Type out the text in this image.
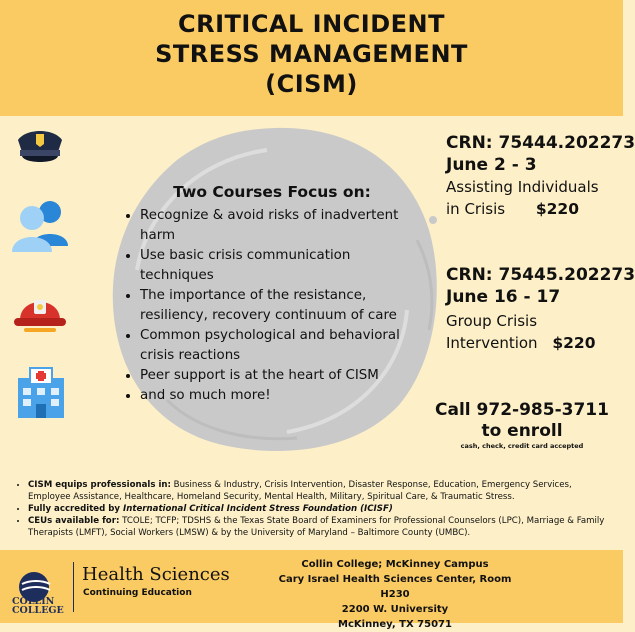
CRITICAL INCIDENT
STRESS MANAGEMENT
(CISM)
Two Courses Focus on:
• Recognize & avoid risks of inadvertent harm
• Use basic crisis communication techniques
• The importance of the resistance, resiliency, recovery continuum of care
• Common psychological and behavioral crisis reactions
• Peer support is at the heart of CISM
• and so much more!
CRN: 75444.202273
June 2 - 3
Assisting Individuals
in Crisis $220
CRN: 75445.202273
June 16 - 17
Group Crisis
Intervention $220
Call 972-985-3711
to enroll
cash, check, credit card accepted
• CISM equips professionals in: Business & Industry, Crisis Intervention, Disaster Response, Education, Emergency Services, Employee Assistance, Healthcare, Homeland Security, Mental Health, Military, Spiritual Care, & Traumatic Stress.
• Fully accredited by International Critical Incident Stress Foundation (ICISF)
• CEUs available for: TCOLE; TCFP; TDSHS & the Texas State Board of Examiners for Professional Counselors (LPC), Marriage & Family Therapists (LMFT), Social Workers (LMSW) & by the University of Maryland – Baltimore County (UMBC).
COLLIN
COLLEGE
Health Sciences
Continuing Education
Collin College; McKinney Campus
Cary Israel Health Sciences Center, Room H230
2200 W. University
McKinney, TX 75071
